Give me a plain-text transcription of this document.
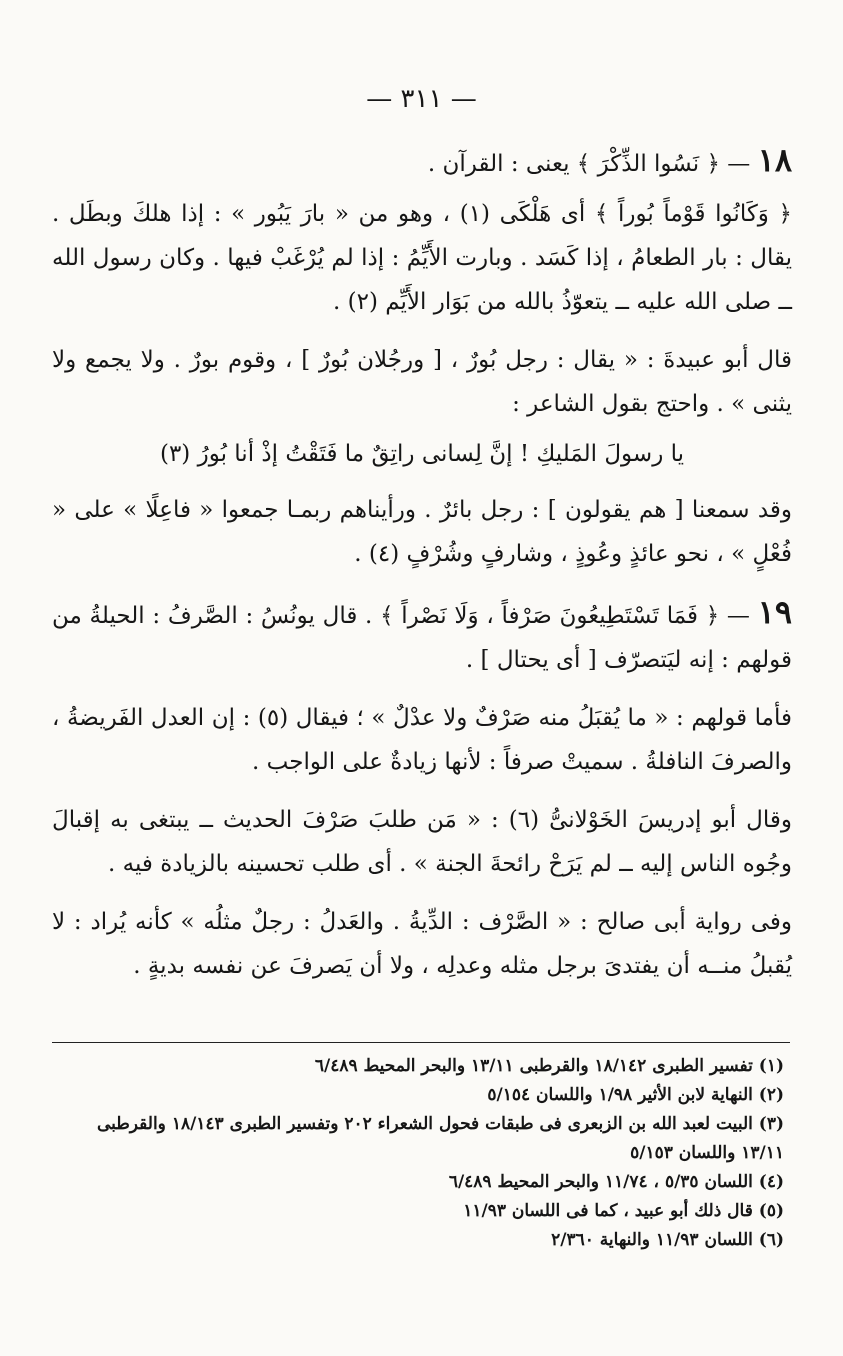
— ٣١١ —

١٨ — ﴿ نَسُوا الذِّكْرَ ﴾ يعنى : القرآن .

﴿ وَكَانُوا قَوْماً بُوراً ﴾ أى هَلْكَى (١) ، وهو من « بارَ يَبُور » : إذا هلكَ وبطَل . يقال : بار الطعامُ ، إذا كَسَد . وبارت الأَيِّمُ : إذا لم يُرْغَبْ فيها . وكان رسول الله ــ صلى الله عليه ــ يتعوّذُ بالله من بَوَار الأَيِّم (٢) .

قال أبو عبيدةَ : « يقال : رجل بُورٌ ، [ ورجُلان بُورٌ ] ، وقوم بورٌ . ولا يجمع ولا يثنى » . واحتج بقول الشاعر :

يا رسولَ المَليكِ ! إنَّ لِسانى راتِقٌ ما فَتَقْتُ إذْ أنا بُورُ (٣)

وقد سمعنا [ هم يقولون ] : رجل بائرٌ . ورأيناهم ربمـا جمعوا « فاعِلًا » على « فُعْلٍ » ، نحو عائذٍ وعُوذٍ ، وشارفٍ وشُرْفٍ (٤) .

١٩ — ﴿ فَمَا تَسْتَطِيعُونَ صَرْفاً ، وَلَا نَصْراً ﴾ . قال يونُسُ : الصَّرفُ : الحيلةُ من قولهم : إنه ليَتصرّف [ أى يحتال ] .

فأما قولهم : « ما يُقبَلُ منه صَرْفٌ ولا عدْلٌ » ؛ فيقال (٥) : إن العدل الفَريضةُ ، والصرفَ النافلةُ . سميتْ صرفاً : لأنها زيادةٌ على الواجب .

وقال أبو إدريسَ الخَوْلانىُّ (٦) : « مَن طلبَ صَرْفَ الحديث ــ يبتغى به إقبالَ وجُوه الناس إليه ــ لم يَرَحْ رائحةَ الجنة » . أى طلب تحسينه بالزيادة فيه .

وفى رواية أبى صالح : « الصَّرْف : الدِّيةُ . والعَدلُ : رجلٌ مثلُه » كأنه يُراد : لا يُقبلُ منــه أن يفتدىَ برجل مثله وعدلِه ، ولا أن يَصرفَ عن نفسه بديةٍ .

(١) تفسير الطبرى ١٨/١٤٢ والقرطبى ١٣/١١ والبحر المحيط ٦/٤٨٩

(٢) النهاية لابن الأثير ١/٩٨ واللسان ٥/١٥٤

(٣) البيت لعبد الله بن الزبعرى فى طبقات فحول الشعراء ٢٠٢ وتفسير الطبرى ١٨/١٤٣ والقرطبى ١٣/١١ واللسان ٥/١٥٣

(٤) اللسان ٥/٣٥ ، ١١/٧٤ والبحر المحيط ٦/٤٨٩

(٥) قال ذلك أبو عبيد ، كما فى اللسان ١١/٩٣

(٦) اللسان ١١/٩٣ والنهاية ٢/٣٦٠
